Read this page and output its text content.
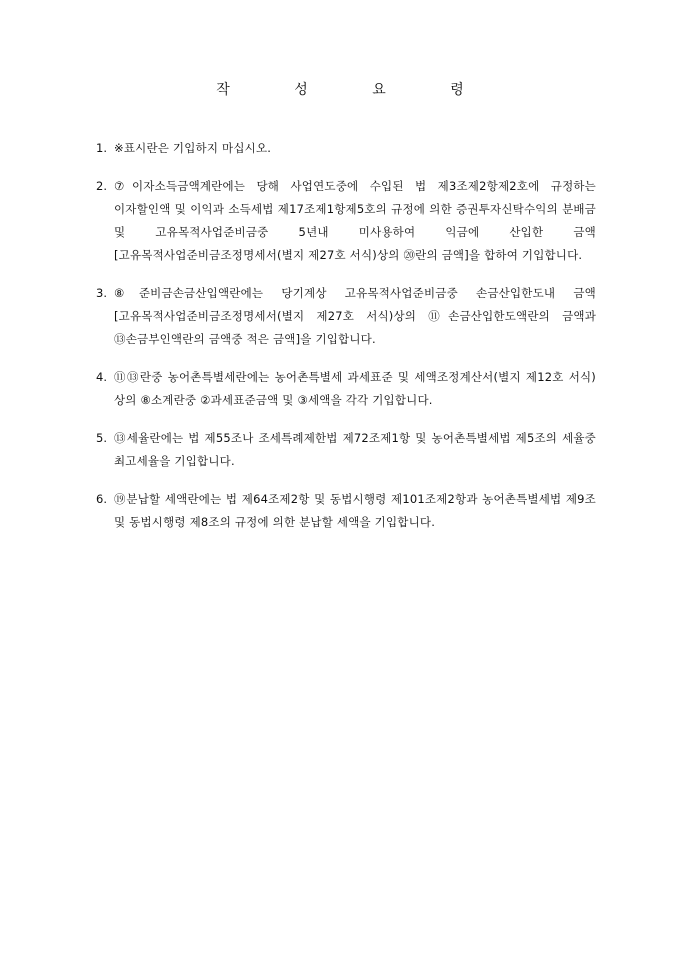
작 성 요 령
1. ※표시란은 기입하지 마십시오.
2. ⑦이자소득금액계란에는 당해 사업연도중에 수입된 법 제3조제2항제2호에 규정하는 이자할인액 및 이익과 소득세법 제17조제1항제5호의 규정에 의한 증권투자신탁수익의 분배금 및 고유목적사업준비금중 5년내 미사용하여 익금에 산입한 금액[고유목적사업준비금조정명세서(별지 제27호 서식)상의 ⑳란의 금액]을 합하여 기입합니다.
3. ⑧준비금손금산입액란에는 당기계상 고유목적사업준비금중 손금산입한도내 금액[고유목적사업준비금조정명세서(별지 제27호 서식)상의 ⑪손금산입한도액란의 금액과 ⑬손금부인액란의 금액중 적은 금액]을 기입합니다.
4. ⑪⑬란중 농어촌특별세란에는 농어촌특별세 과세표준 및 세액조정계산서(별지 제12호 서식)상의 ⑧소계란중 ②과세표준금액 및 ③세액을 각각 기입합니다.
5. ⑬세율란에는 법 제55조나 조세특례제한법 제72조제1항 및 농어촌특별세법 제5조의 세율중 최고세율을 기입합니다.
6. ⑲분납할 세액란에는 법 제64조제2항 및 동법시행령 제101조제2항과 농어촌특별세법 제9조 및 동법시행령 제8조의 규정에 의한 분납할 세액을 기입합니다.
